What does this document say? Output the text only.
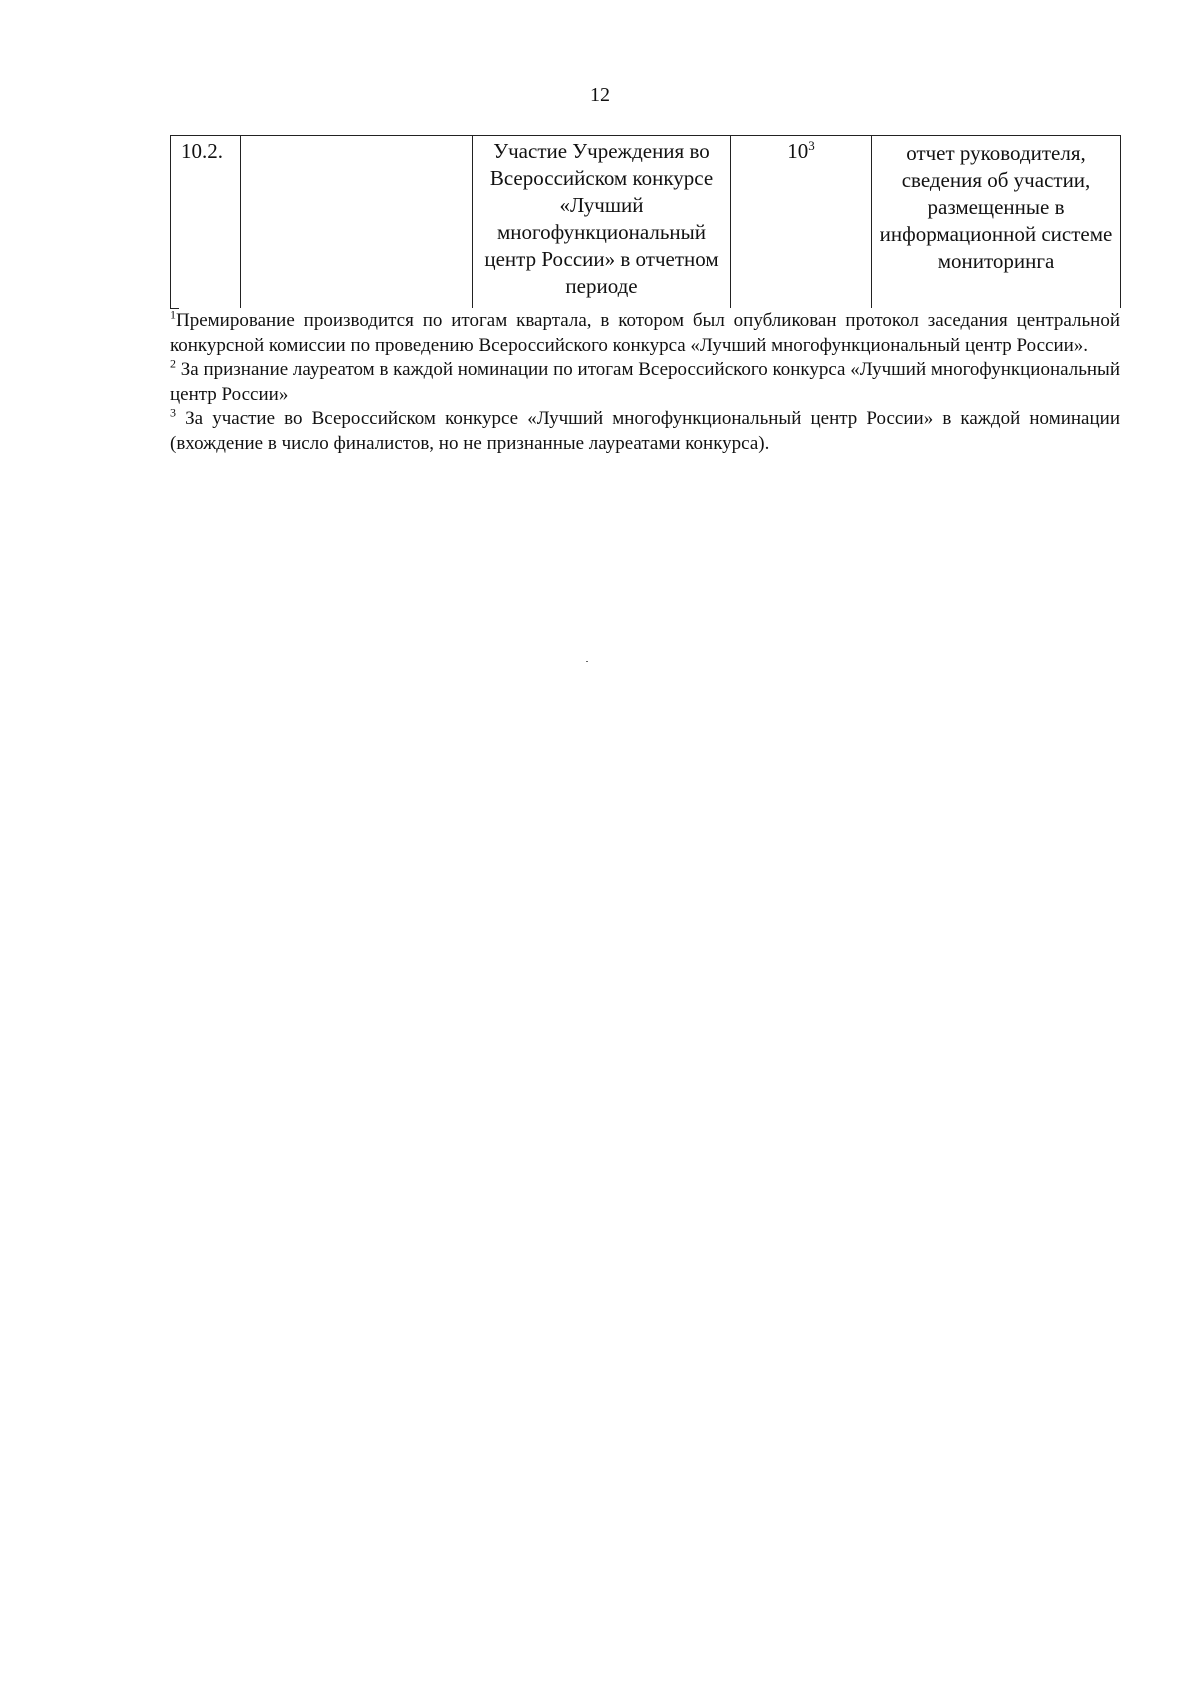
12
10.2.		Участие Учреждения во Всероссийском конкурсе «Лучший многофункциональный центр России» в отчетном периоде	$10^3$	отчет руководителя, сведения об участии, размещенные в информационной системе мониторинга

$^1$Премирование производится по итогам квартала, в котором был опубликован протокол заседания центральной конкурсной комиссии по проведению Всероссийского конкурса «Лучший многофункциональный центр России».

$^2$ За признание лауреатом в каждой номинации по итогам Всероссийского конкурса «Лучший многофункциональный центр России»

$^3$ За участие во Всероссийском конкурсе «Лучший многофункциональный центр России» в каждой номинации (вхождение в число финалистов, но не признанные лауреатами конкурса).
